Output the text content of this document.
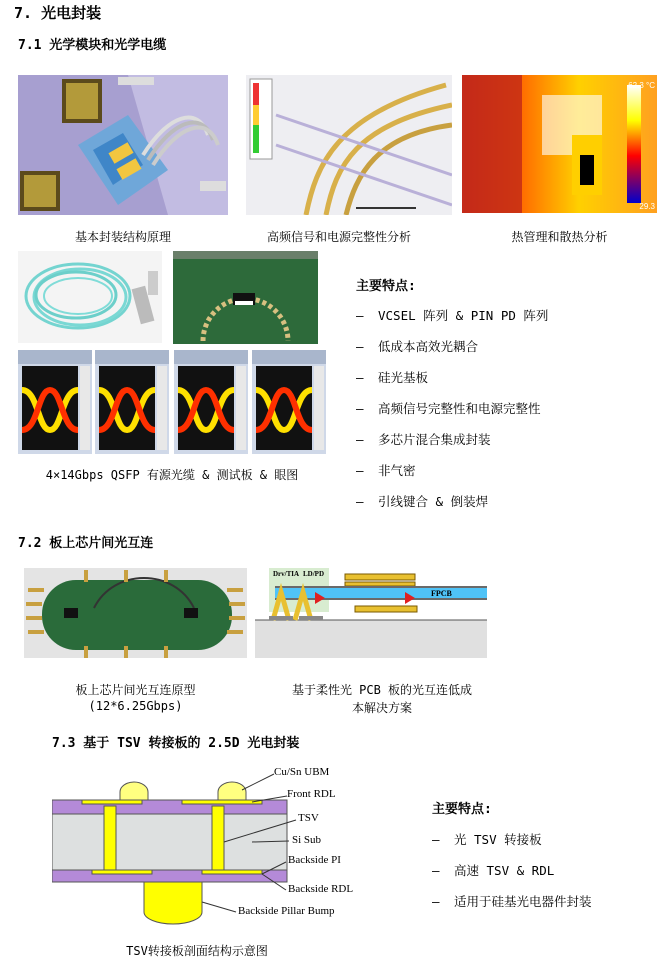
7. 光电封装
7.1 光学模块和光学电缆
62.3 °C
29.3
基本封装结构原理	高频信号和电源完整性分析	热管理和散热分析
4×14Gbps QSFP 有源光缆 & 测试板 & 眼图
主要特点:
— VCSEL 阵列 & PIN PD 阵列
— 低成本高效光耦合
— 硅光基板
— 高频信号完整性和电源完整性
— 多芯片混合集成封装
— 非气密
— 引线键合 & 倒装焊
7.2 板上芯片间光互连
Drv/TIA LD/PD
FPCB
板上芯片间光互连原型
(12*6.25Gbps)
基于柔性光 PCB 板的光互连低成
本解决方案
7.3 基于 TSV 转接板的 2.5D 光电封装
Cu/Sn UBM
Front RDL
TSV
Si Sub
Backside PI
Backside RDL
Backside Pillar Bump
TSV转接板剖面结构示意图
主要特点:
— 光 TSV 转接板
— 高速 TSV & RDL
— 适用于硅基光电器件封装
